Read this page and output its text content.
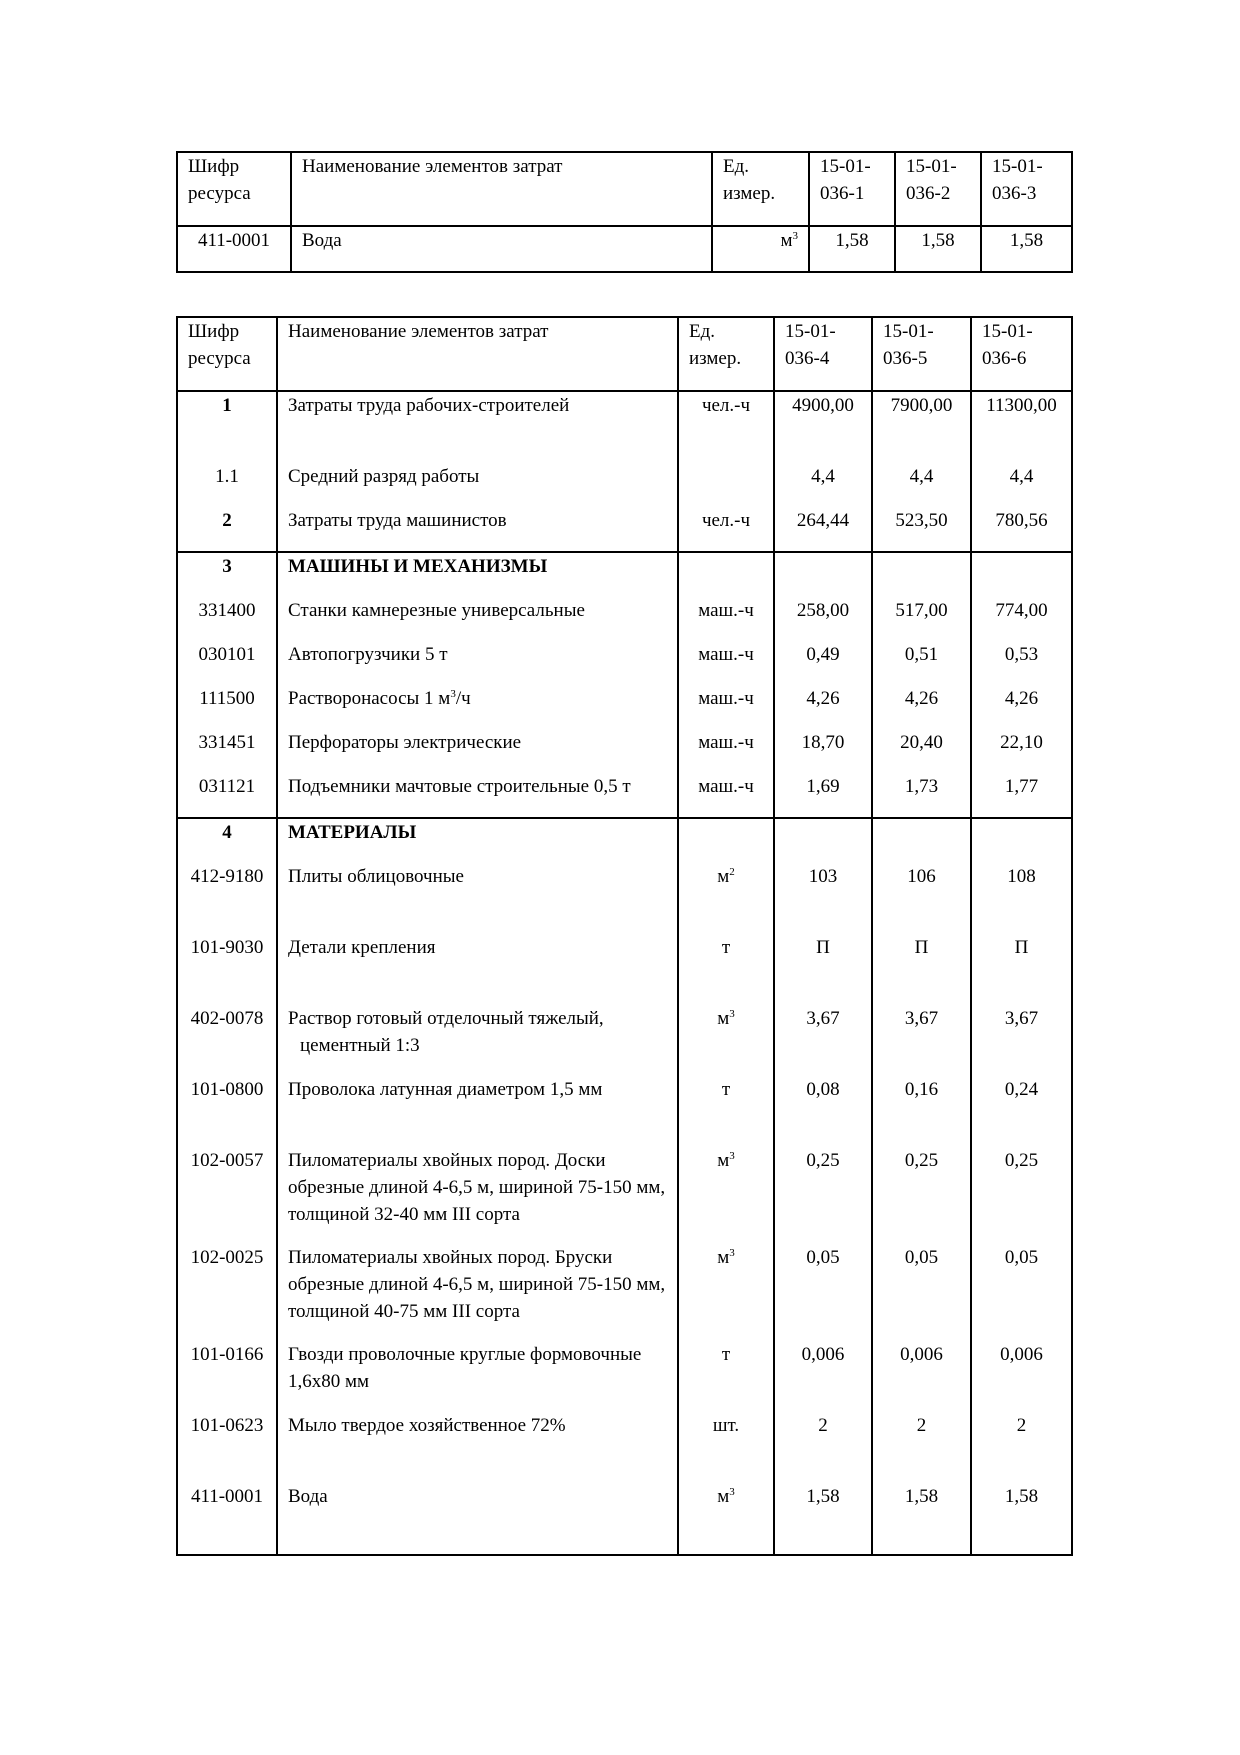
Шифр ресурса	Наименование элементов затрат	Ед. измер.	15-01-036-1	15-01-036-2	15-01-036-3
411-0001	Вода	$м^3$	1,58	1,58	1,58
Шифр ресурса	Наименование элементов затрат	Ед. измер.	15-01-036-4	15-01-036-5	15-01-036-6
1	Затраты труда рабочих-строителей	чел.-ч	4900,00	7900,00	11300,00
1.1	Средний разряд работы		4,4	4,4	4,4
2	Затраты труда машинистов	чел.-ч	264,44	523,50	780,56
3	МАШИНЫ И МЕХАНИЗМЫ				
331400	Станки камнерезные универсальные	маш.-ч	258,00	517,00	774,00
030101	Автопогрузчики 5 т	маш.-ч	0,49	0,51	0,53
111500	Растворонасосы 1 $м^3/ч$	маш.-ч	4,26	4,26	4,26
331451	Перфораторы электрические	маш.-ч	18,70	20,40	22,10
031121	Подъемники мачтовые строительные 0,5 т	маш.-ч	1,69	1,73	1,77
4	МАТЕРИАЛЫ				
412-9180	Плиты облицовочные	$м^2$	103	106	108
101-9030	Детали крепления	т	П	П	П
402-0078	Раствор готовый отделочный тяжелый,
цементный 1:3	$м^3$	3,67	3,67	3,67
101-0800	Проволока латунная диаметром 1,5 мм	т	0,08	0,16	0,24
102-0057	Пиломатериалы хвойных пород. Доски обрезные длиной 4-6,5 м, шириной 75-150 мм, толщиной 32-40 мм III сорта	$м^3$	0,25	0,25	0,25
102-0025	Пиломатериалы хвойных пород. Бруски обрезные длиной 4-6,5 м, шириной 75-150 мм, толщиной 40-75 мм III сорта	$м^3$	0,05	0,05	0,05
101-0166	Гвозди проволочные круглые формовочные 1,6х80 мм	т	0,006	0,006	0,006
101-0623	Мыло твердое хозяйственное 72%	шт.	2	2	2
411-0001	Вода	$м^3$	1,58	1,58	1,58
